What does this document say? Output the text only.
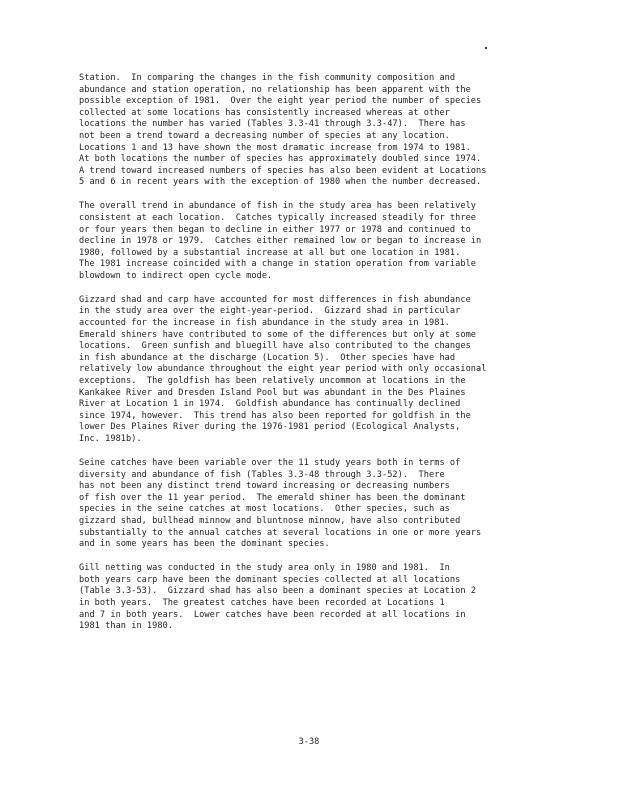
Station.  In comparing the changes in the fish community composition and
abundance and station operation, no relationship has been apparent with the
possible exception of 1981.  Over the eight year period the number of species
collected at some locations has consistently increased whereas at other
locations the number has varied (Tables 3.3-41 through 3.3-47).  There has
not been a trend toward a decreasing number of species at any location.
Locations 1 and 13 have shown the most dramatic increase from 1974 to 1981.
At both locations the number of species has approximately doubled since 1974.
A trend toward increased numbers of species has also been evident at Locations
5 and 6 in recent years with the exception of 1980 when the number decreased.

The overall trend in abundance of fish in the study area has been relatively
consistent at each location.  Catches typically increased steadily for three
or four years then began to decline in either 1977 or 1978 and continued to
decline in 1978 or 1979.  Catches either remained low or began to increase in
1980, followed by a substantial increase at all but one location in 1981.
The 1981 increase coincided with a change in station operation from variable
blowdown to indirect open cycle mode.

Gizzard shad and carp have accounted for most differences in fish abundance
in the study area over the eight-year-period.  Gizzard shad in particular
accounted for the increase in fish abundance in the study area in 1981.
Emerald shiners have contributed to some of the differences but only at some
locations.  Green sunfish and bluegill have also contributed to the changes
in fish abundance at the discharge (Location 5).  Other species have had
relatively low abundance throughout the eight year period with only occasional
exceptions.  The goldfish has been relatively uncommon at locations in the
Kankakee River and Dresden Island Pool but was abundant in the Des Plaines
River at Location 1 in 1974.  Goldfish abundance has continually declined
since 1974, however.  This trend has also been reported for goldfish in the
lower Des Plaines River during the 1976-1981 period (Ecological Analysts,
Inc. 1981b).

Seine catches have been variable over the 11 study years both in terms of
diversity and abundance of fish (Tables 3.3-48 through 3.3-52).  There
has not been any distinct trend toward increasing or decreasing numbers
of fish over the 11 year period.  The emerald shiner has been the dominant
species in the seine catches at most locations.  Other species, such as
gizzard shad, bullhead minnow and bluntnose minnow, have also contributed
substantially to the annual catches at several locations in one or more years
and in some years has been the dominant species.

Gill netting was conducted in the study area only in 1980 and 1981.  In
both years carp have been the dominant species collected at all locations
(Table 3.3-53).  Gizzard shad has also been a dominant species at Location 2
in both years.  The greatest catches have been recorded at Locations 1
and 7 in both years.  Lower catches have been recorded at all locations in
1981 than in 1980.

3-38
